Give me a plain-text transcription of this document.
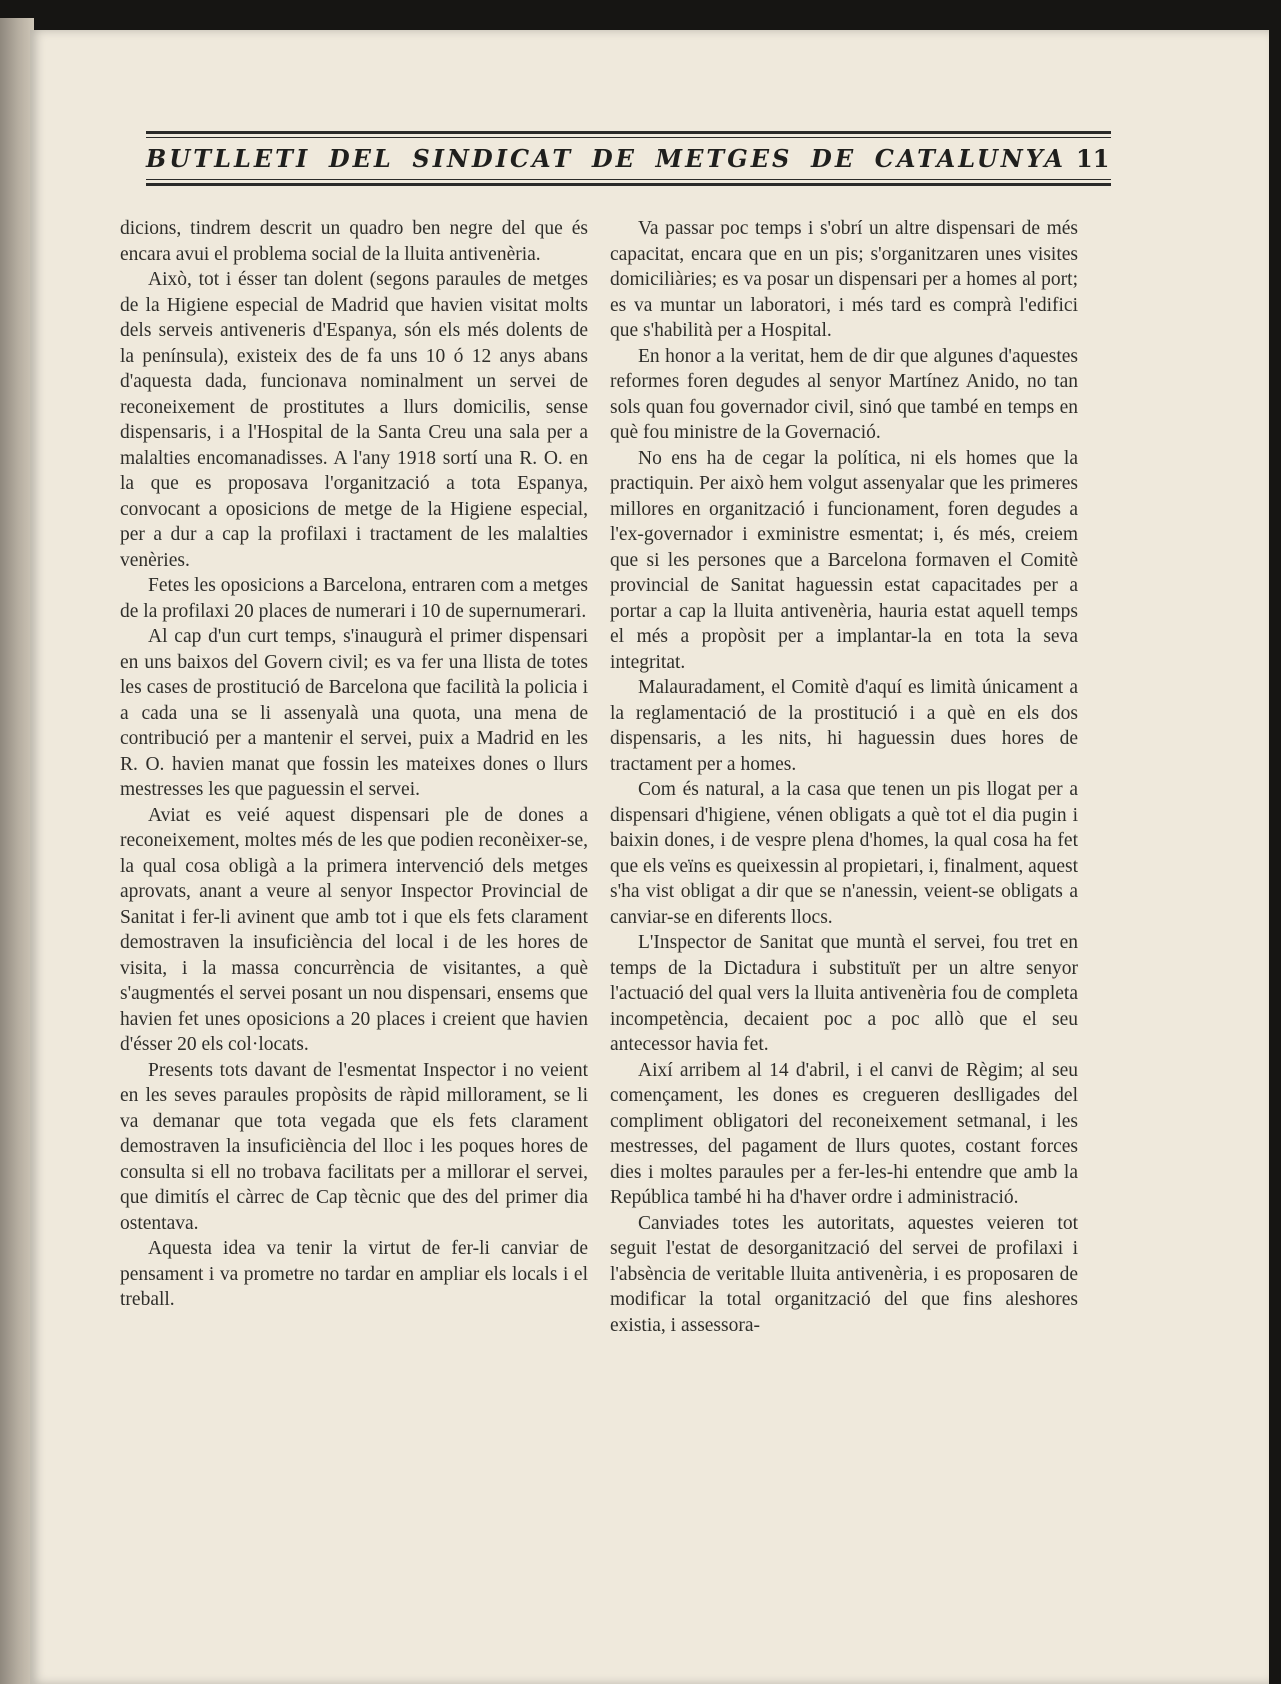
BUTLLETI DEL SINDICAT DE METGES DE CATALUNYA 11

dicions, tindrem descrit un quadro ben negre del que és encara avui el problema social de la lluita antivenèria.

Això, tot i ésser tan dolent (segons paraules de metges de la Higiene especial de Madrid que havien visitat molts dels serveis antiveneris d'Espanya, són els més dolents de la península), existeix des de fa uns 10 ó 12 anys abans d'aquesta dada, funcionava nominalment un servei de reconeixement de prostitutes a llurs domicilis, sense dispensaris, i a l'Hospital de la Santa Creu una sala per a malalties encomanadisses. A l'any 1918 sortí una R. O. en la que es proposava l'organització a tota Espanya, convocant a oposicions de metge de la Higiene especial, per a dur a cap la profilaxi i tractament de les malalties venèries.

Fetes les oposicions a Barcelona, entraren com a metges de la profilaxi 20 places de numerari i 10 de supernumerari.

Al cap d'un curt temps, s'inaugurà el primer dispensari en uns baixos del Govern civil; es va fer una llista de totes les cases de prostitució de Barcelona que facilità la policia i a cada una se li assenyalà una quota, una mena de contribució per a mantenir el servei, puix a Madrid en les R. O. havien manat que fossin les mateixes dones o llurs mestresses les que paguessin el servei.

Aviat es veié aquest dispensari ple de dones a reconeixement, moltes més de les que podien reconèixer-se, la qual cosa obligà a la primera intervenció dels metges aprovats, anant a veure al senyor Inspector Provincial de Sanitat i fer-li avinent que amb tot i que els fets clarament demostraven la insuficiència del local i de les hores de visita, i la massa concurrència de visitantes, a què s'augmentés el servei posant un nou dispensari, ensems que havien fet unes oposicions a 20 places i creient que havien d'ésser 20 els col·locats.

Presents tots davant de l'esmentat Inspector i no veient en les seves paraules propòsits de ràpid millorament, se li va demanar que tota vegada que els fets clarament demostraven la insuficiència del lloc i les poques hores de consulta si ell no trobava facilitats per a millorar el servei, que dimitís el càrrec de Cap tècnic que des del primer dia ostentava.

Aquesta idea va tenir la virtut de fer-li canviar de pensament i va prometre no tardar en ampliar els locals i el treball.

Va passar poc temps i s'obrí un altre dispensari de més capacitat, encara que en un pis; s'organitzaren unes visites domiciliàries; es va posar un dispensari per a homes al port; es va muntar un laboratori, i més tard es comprà l'edifici que s'habilità per a Hospital.

En honor a la veritat, hem de dir que algunes d'aquestes reformes foren degudes al senyor Martínez Anido, no tan sols quan fou governador civil, sinó que també en temps en què fou ministre de la Governació.

No ens ha de cegar la política, ni els homes que la practiquin. Per això hem volgut assenyalar que les primeres millores en organització i funcionament, foren degudes a l'ex-governador i exministre esmentat; i, és més, creiem que si les persones que a Barcelona formaven el Comitè provincial de Sanitat haguessin estat capacitades per a portar a cap la lluita antivenèria, hauria estat aquell temps el més a propòsit per a implantar-la en tota la seva integritat.

Malauradament, el Comitè d'aquí es limità únicament a la reglamentació de la prostitució i a què en els dos dispensaris, a les nits, hi haguessin dues hores de tractament per a homes.

Com és natural, a la casa que tenen un pis llogat per a dispensari d'higiene, vénen obligats a què tot el dia pugin i baixin dones, i de vespre plena d'homes, la qual cosa ha fet que els veïns es queixessin al propietari, i, finalment, aquest s'ha vist obligat a dir que se n'anessin, veient-se obligats a canviar-se en diferents llocs.

L'Inspector de Sanitat que muntà el servei, fou tret en temps de la Dictadura i substituït per un altre senyor l'actuació del qual vers la lluita antivenèria fou de completa incompetència, decaient poc a poc allò que el seu antecessor havia fet.

Així arribem al 14 d'abril, i el canvi de Règim; al seu començament, les dones es cregueren deslligades del compliment obligatori del reconeixement setmanal, i les mestresses, del pagament de llurs quotes, costant forces dies i moltes paraules per a fer-les-hi entendre que amb la República també hi ha d'haver ordre i administració.

Canviades totes les autoritats, aquestes veieren tot seguit l'estat de desorganització del servei de profilaxi i l'absència de veritable lluita antivenèria, i es proposaren de modificar la total organització del que fins aleshores existia, i assessora-
